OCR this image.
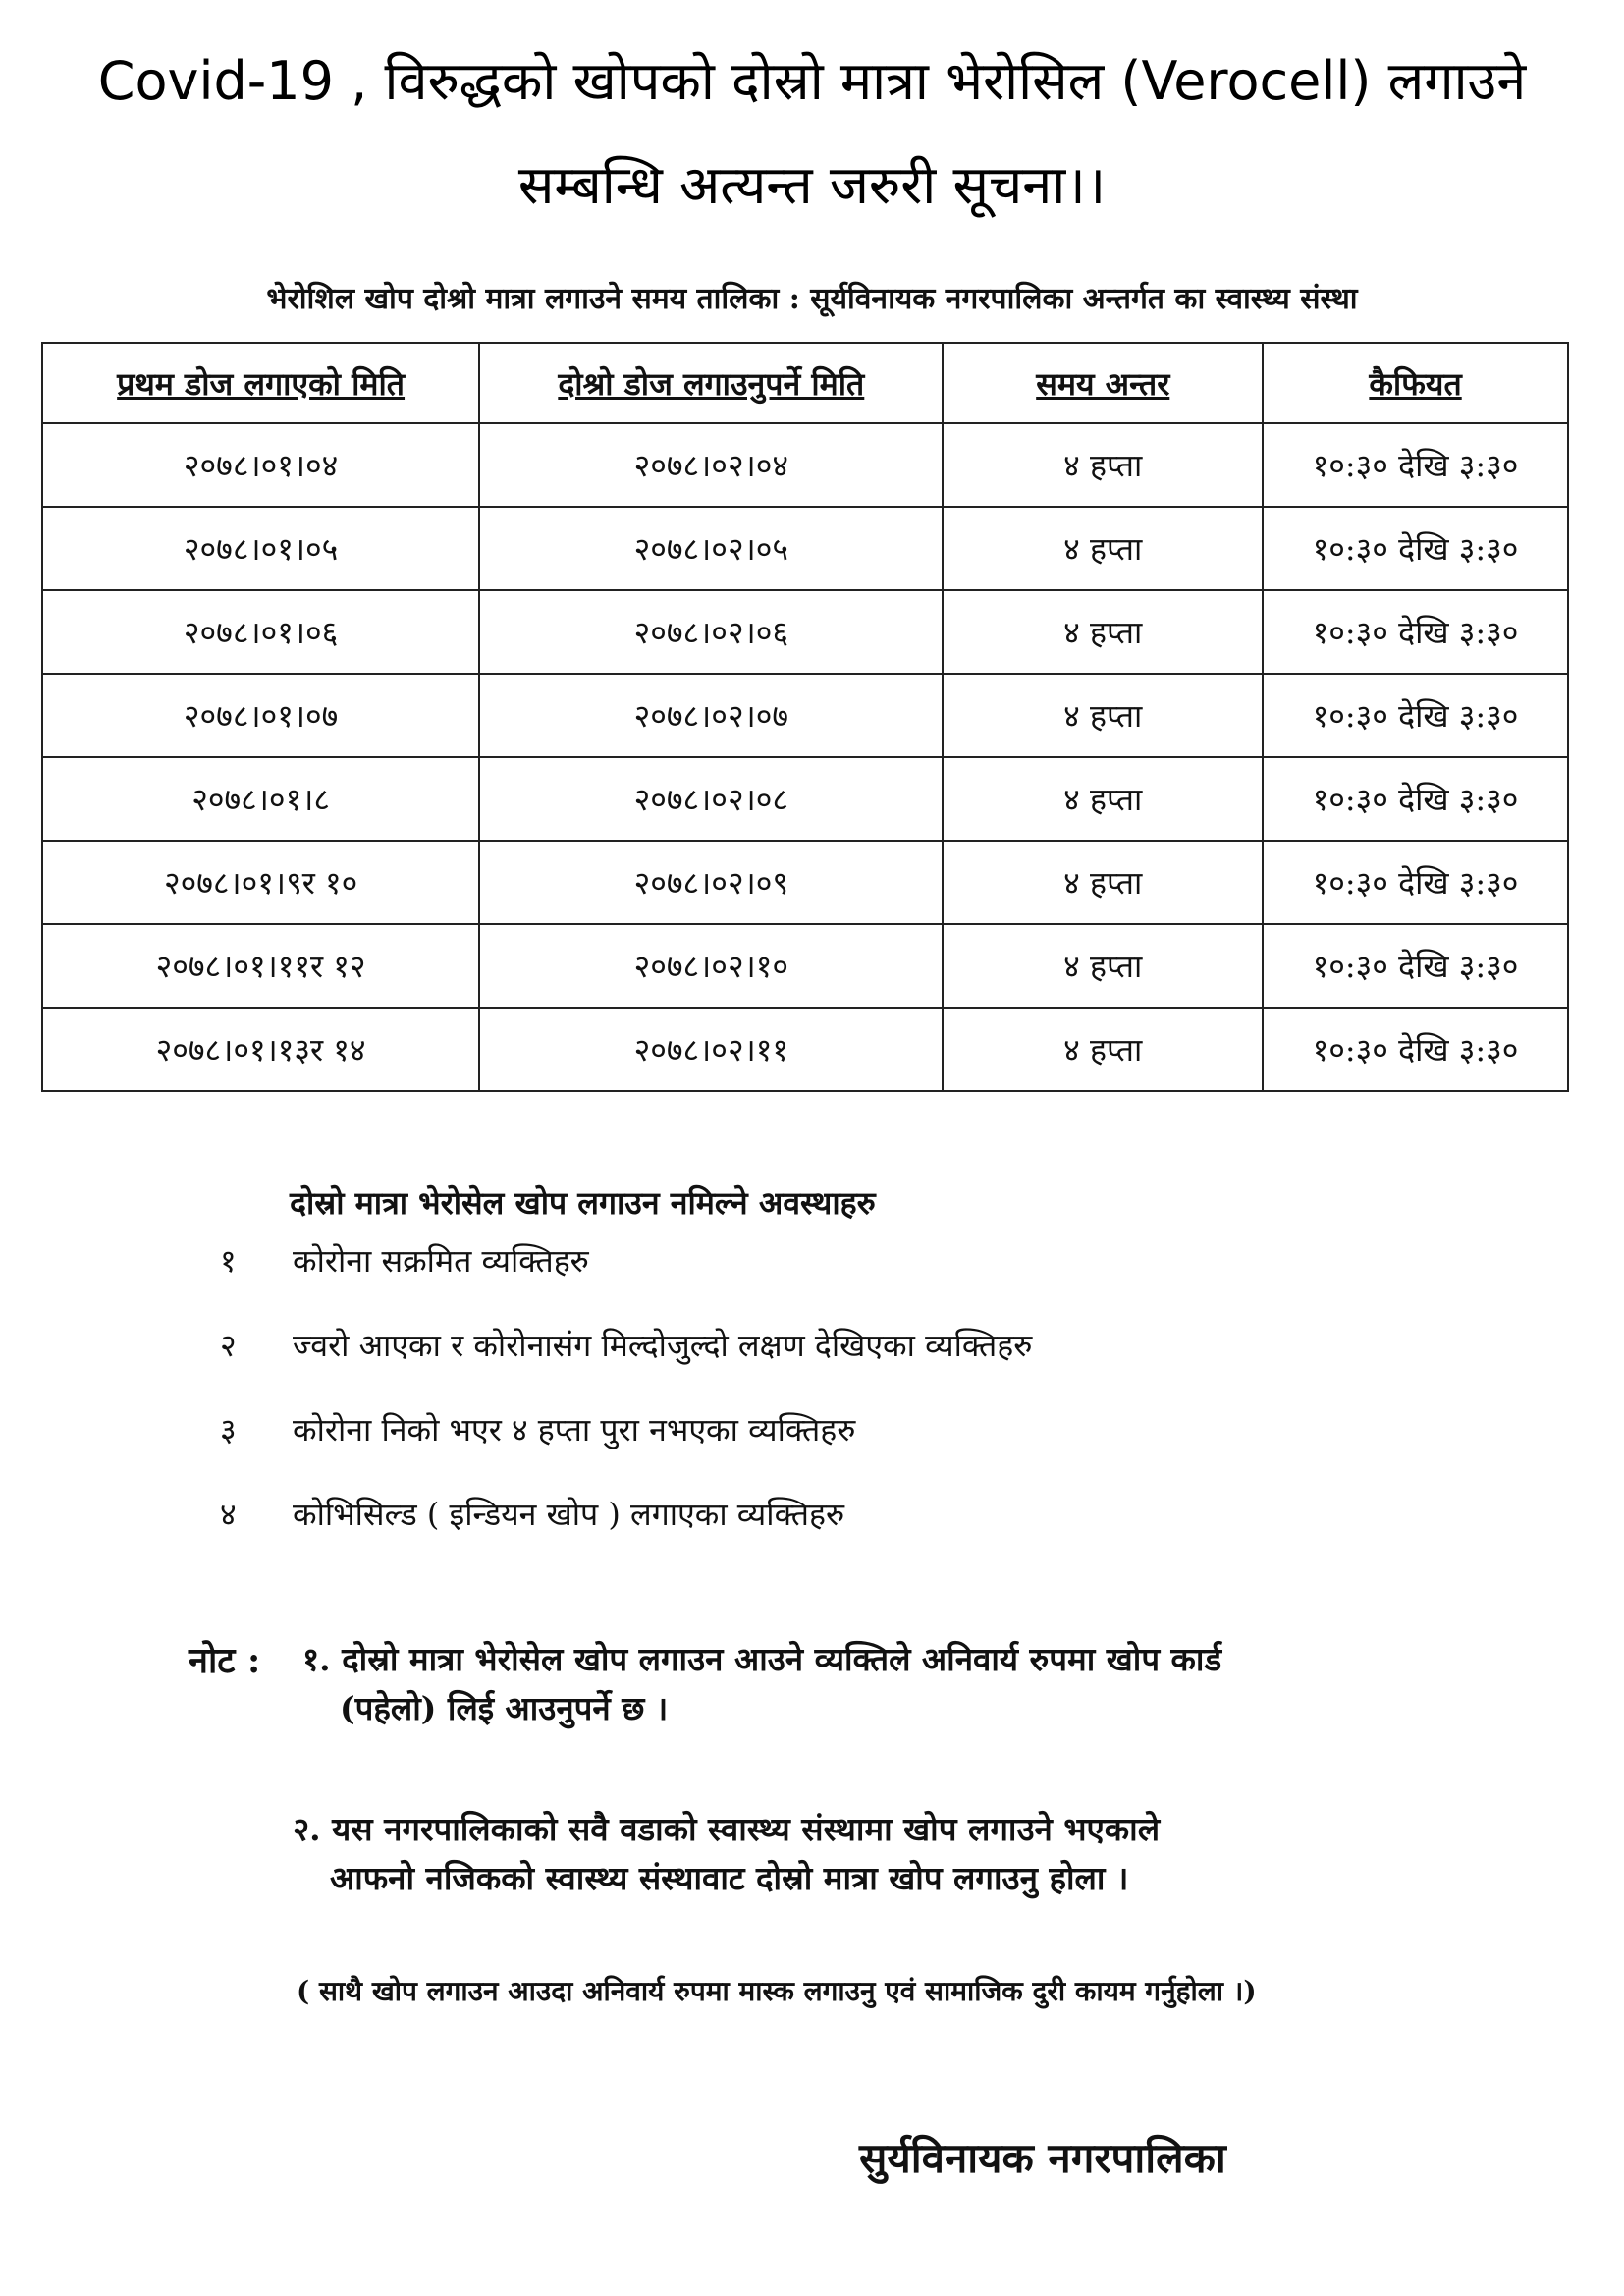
Covid-19 , विरुद्धको खोपको दोस्रो मात्रा भेरोसिल (Verocell) लगाउने
सम्बन्धि अत्यन्त जरुरी सूचना।।
भेरोशिल खोप दोश्रो मात्रा लगाउने समय तालिका : सूर्यविनायक नगरपालिका अन्तर्गत का स्वास्थ्य संस्था
प्रथम डोज लगाएको मिति	दोश्रो डोज लगाउनुपर्ने मिति	समय अन्तर	कैफियत
२०७८।०१।०४	२०७८।०२।०४	४ हप्ता	१०:३० देखि ३:३०
२०७८।०१।०५	२०७८।०२।०५	४ हप्ता	१०:३० देखि ३:३०
२०७८।०१।०६	२०७८।०२।०६	४ हप्ता	१०:३० देखि ३:३०
२०७८।०१।०७	२०७८।०२।०७	४ हप्ता	१०:३० देखि ३:३०
२०७८।०१।८	२०७८।०२।०८	४ हप्ता	१०:३० देखि ३:३०
२०७८।०१।९र १०	२०७८।०२।०९	४ हप्ता	१०:३० देखि ३:३०
२०७८।०१।११र १२	२०७८।०२।१०	४ हप्ता	१०:३० देखि ३:३०
२०७८।०१।१३र १४	२०७८।०२।११	४ हप्ता	१०:३० देखि ३:३०
दोस्रो मात्रा भेरोसेल खोप लगाउन नमिल्ने अवस्थाहरु
१	कोरोना सक्रमित व्यक्तिहरु
२	ज्वरो आएका र कोरोनासंग मिल्दोजुल्दो लक्षण देखिएका व्यक्तिहरु
३	कोरोना निको भएर ४ हप्ता पुरा नभएका व्यक्तिहरु
४	कोभिसिल्ड ( इन्डियन खोप ) लगाएका व्यक्तिहरु
नोट : १. दोस्रो मात्रा भेरोसेल खोप लगाउन आउने व्यक्तिले अनिवार्य रुपमा खोप कार्ड
(पहेलो) लिई आउनुपर्ने छ ।
२. यस नगरपालिकाको सवै वडाको स्वास्थ्य संस्थामा खोप लगाउने भएकाले
आफनो नजिकको स्वास्थ्य संस्थावाट दोस्रो मात्रा खोप लगाउनु होला ।
( साथै खोप लगाउन आउदा अनिवार्य रुपमा मास्क लगाउनु एवं सामाजिक दुरी कायम गर्नुहोला ।)
सुर्यविनायक नगरपालिका
